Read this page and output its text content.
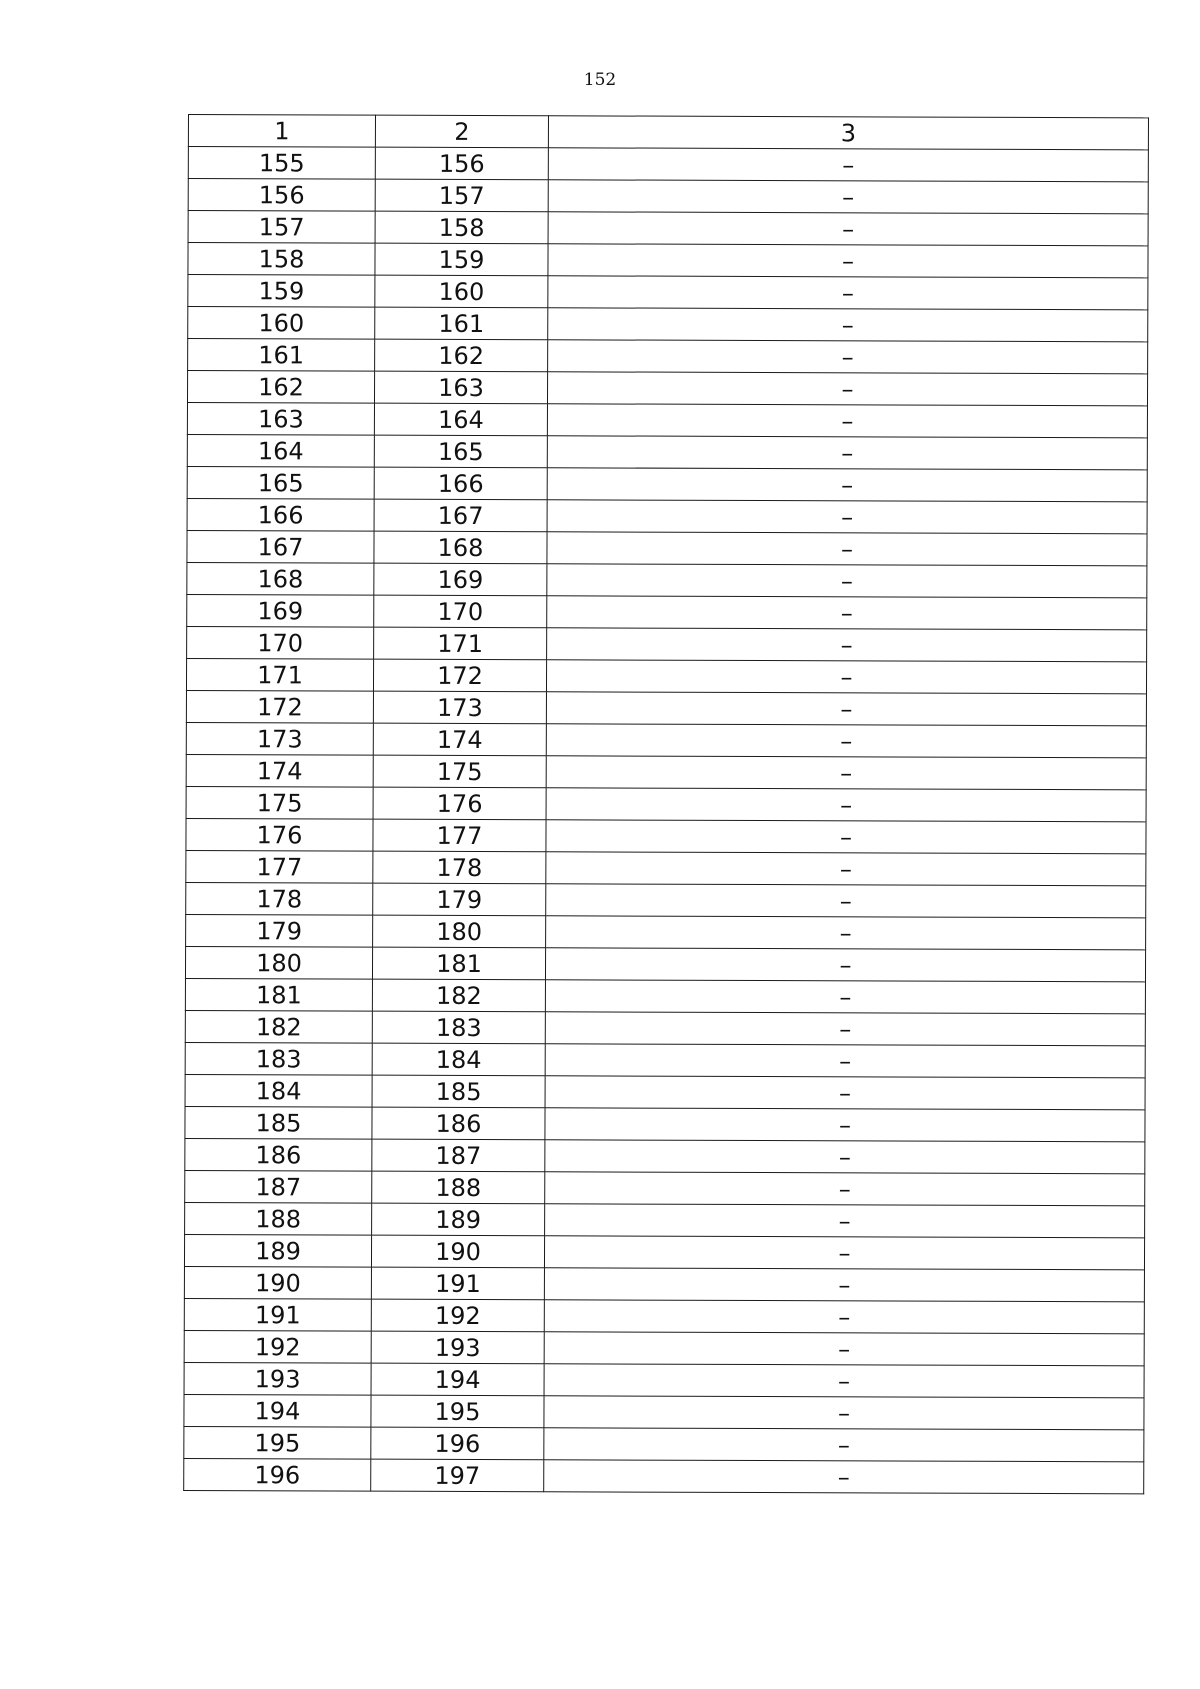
152
1	2	3
155	156	–
156	157	–
157	158	–
158	159	–
159	160	–
160	161	–
161	162	–
162	163	–
163	164	–
164	165	–
165	166	–
166	167	–
167	168	–
168	169	–
169	170	–
170	171	–
171	172	–
172	173	–
173	174	–
174	175	–
175	176	–
176	177	–
177	178	–
178	179	–
179	180	–
180	181	–
181	182	–
182	183	–
183	184	–
184	185	–
185	186	–
186	187	–
187	188	–
188	189	–
189	190	–
190	191	–
191	192	–
192	193	–
193	194	–
194	195	–
195	196	–
196	197	–
